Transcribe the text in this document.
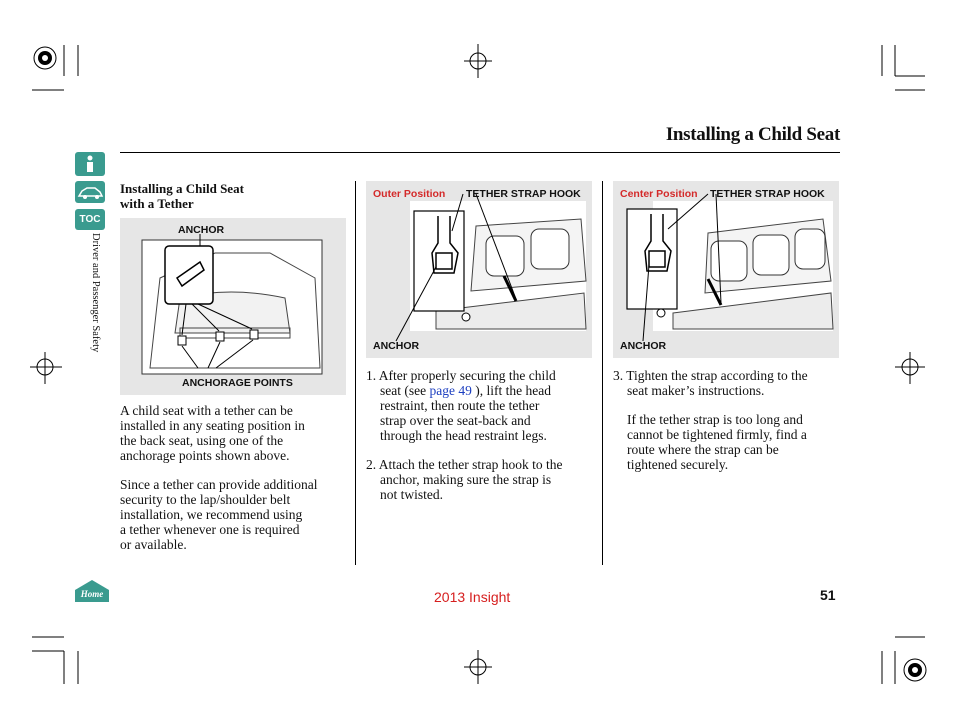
Installing a Child Seat
TOC
Driver and Passenger Safety
Home
Installing a Child Seat
with a Tether
ANCHOR
ANCHORAGE POINTS
A child seat with a tether can be
installed in any seating position in
the back seat, using one of the
anchorage points shown above.
Since a tether can provide additional
security to the lap/shoulder belt
installation, we recommend using
a tether whenever one is required
or available.
Outer Position TETHER STRAP HOOK
ANCHOR
1. After properly securing the child
seat (see page 49 ), lift the head
restraint, then route the tether
strap over the seat-back and
through the head restraint legs.
2. Attach the tether strap hook to the
anchor, making sure the strap is
not twisted.
Center Position TETHER STRAP HOOK
ANCHOR
3. Tighten the strap according to the
seat maker’s instructions.
If the tether strap is too long and
cannot be tightened firmly, find a
route where the strap can be
tightened securely.
2013 Insight	51
